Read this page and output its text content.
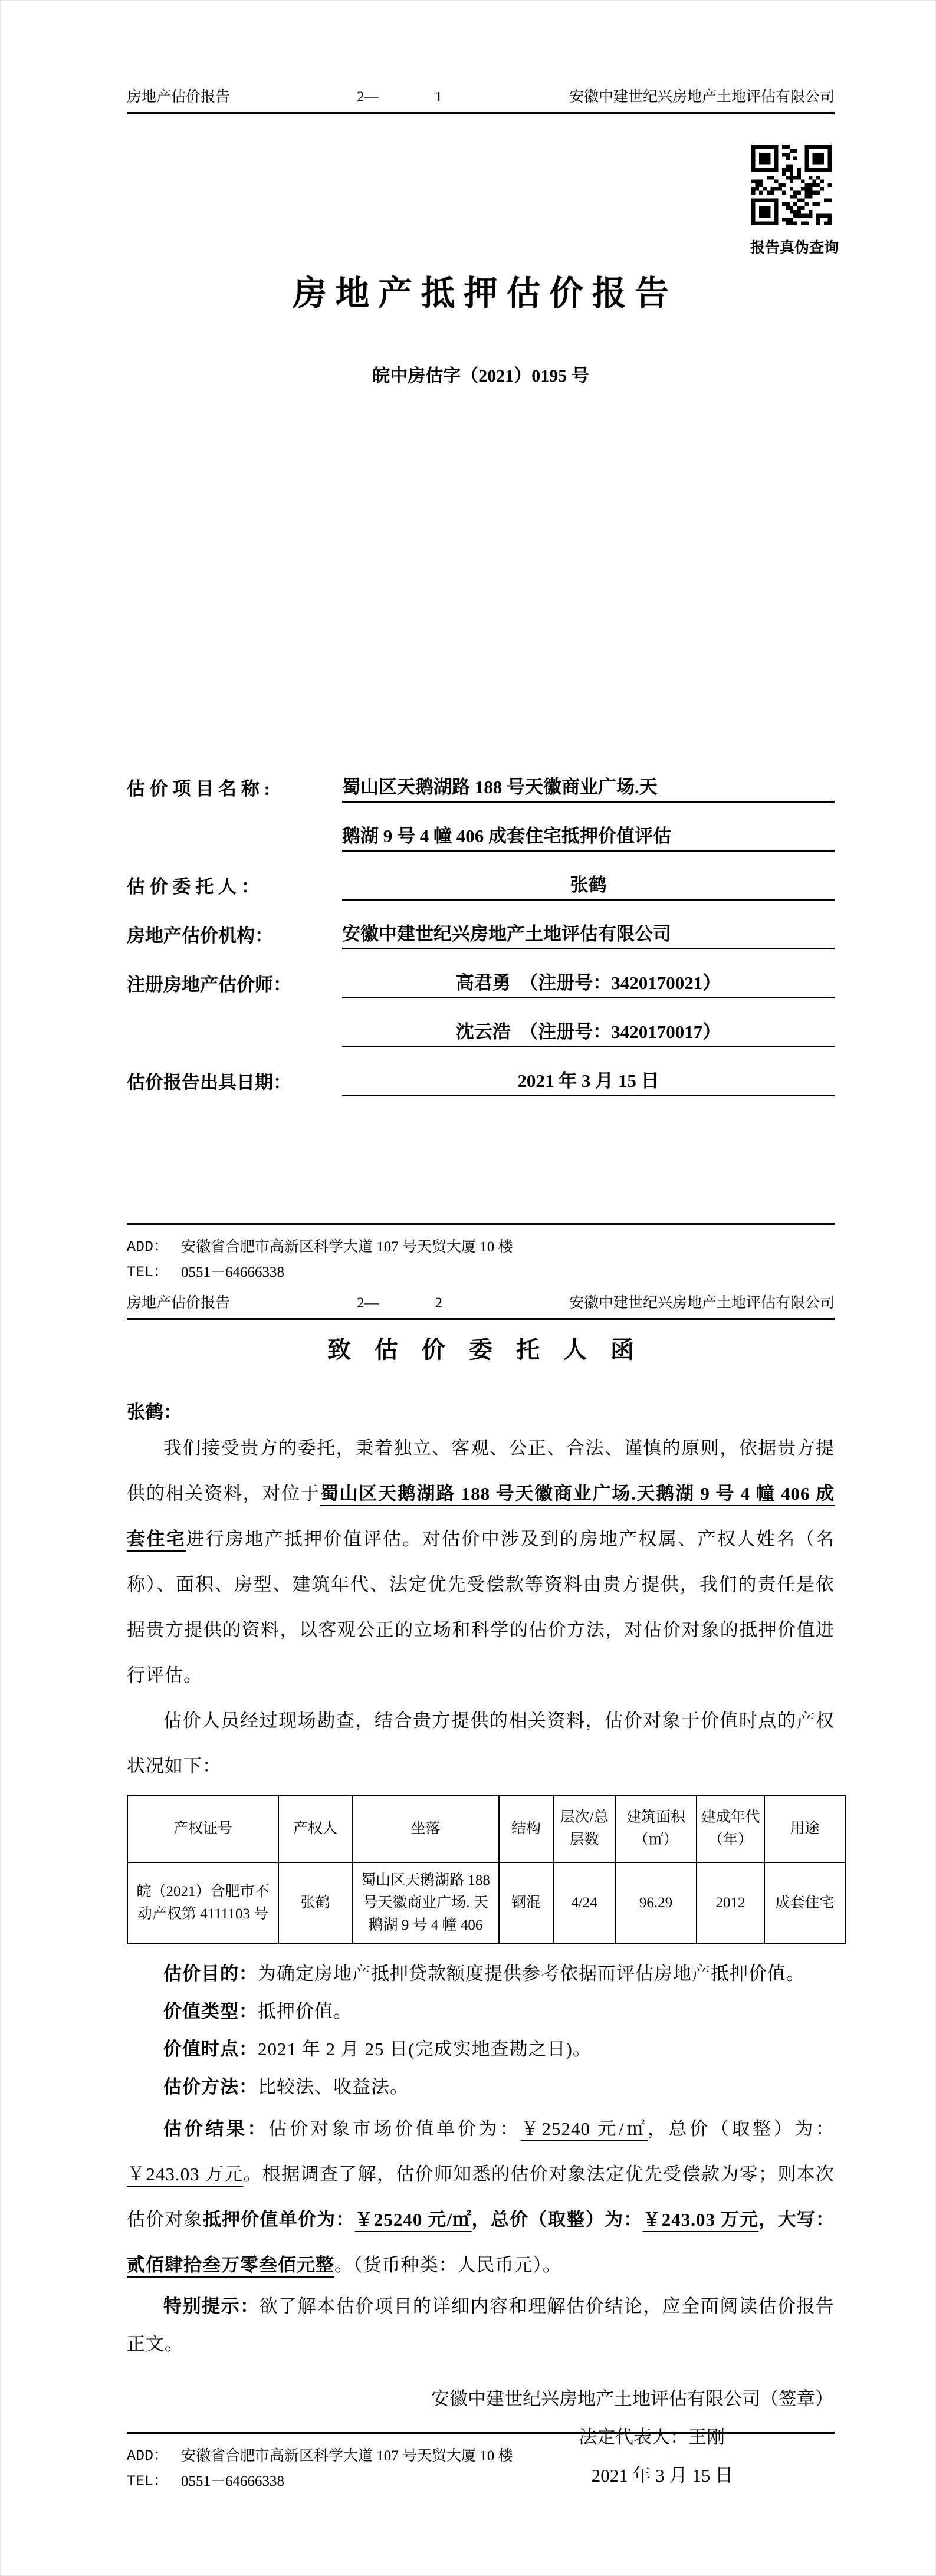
房地产估价报告	2—	1	安徽中建世纪兴房地产土地评估有限公司
报告真伪查询
房 地 产 抵 押 估 价 报 告
皖中房估字（2021）0195 号
估 价 项 目 名 称 :	蜀山区天鹅湖路 188 号天徽商业广场.天
鹅湖 9 号 4 幢 406 成套住宅抵押价值评估
估 价 委 托 人 ：	张鹤
房地产估价机构：	安徽中建世纪兴房地产土地评估有限公司
注册房地产估价师：	高君勇　（注册号：3420170021）
沈云浩　（注册号：3420170017）
估价报告出具日期：	2021 年 3 月 15 日
ADD： 安徽省合肥市高新区科学大道 107 号天贸大厦 10 楼
TEL： 0551－64666338
房地产估价报告	2—	2	安徽中建世纪兴房地产土地评估有限公司
致　估　价　委　托　人　函
张鹤：
我们接受贵方的委托，秉着独立、客观、公正、合法、谨慎的原则，依据贵方提供的相关资料，对位于蜀山区天鹅湖路 188 号天徽商业广场.天鹅湖 9 号 4 幢 406 成套住宅进行房地产抵押价值评估。对估价中涉及到的房地产权属、产权人姓名（名称）、面积、房型、建筑年代、法定优先受偿款等资料由贵方提供，我们的责任是依据贵方提供的资料，以客观公正的立场和科学的估价方法，对估价对象的抵押价值进行评估。
估价人员经过现场勘查，结合贵方提供的相关资料，估价对象于价值时点的产权状况如下：
产权证号	产权人	坐落	结构	层次/总层数	建筑面积（㎡）	建成年代（年）	用途
皖（2021）合肥市不动产权第 4111103 号	张鹤	蜀山区天鹅湖路 188 号天徽商业广场. 天鹅湖 9 号 4 幢 406	钢混	4/24	96.29	2012	成套住宅
估价目的：为确定房地产抵押贷款额度提供参考依据而评估房地产抵押价值。
价值类型：抵押价值。
价值时点：2021 年 2 月 25 日(完成实地查勘之日)。
估价方法：比较法、收益法。
估价结果：估价对象市场价值单价为：￥25240 元/㎡，总价（取整）为：￥243.03 万元。根据调查了解，估价师知悉的估价对象法定优先受偿款为零；则本次估价对象抵押价值单价为：￥25240 元/㎡，总价（取整）为：￥243.03 万元，大写：贰佰肆拾叁万零叁佰元整。（货币种类：人民币元）。
特别提示：欲了解本估价项目的详细内容和理解估价结论，应全面阅读估价报告正文。
安徽中建世纪兴房地产土地评估有限公司（签章）
法定代表人：王刚
2021 年 3 月 15 日
ADD： 安徽省合肥市高新区科学大道 107 号天贸大厦 10 楼
TEL： 0551－64666338
